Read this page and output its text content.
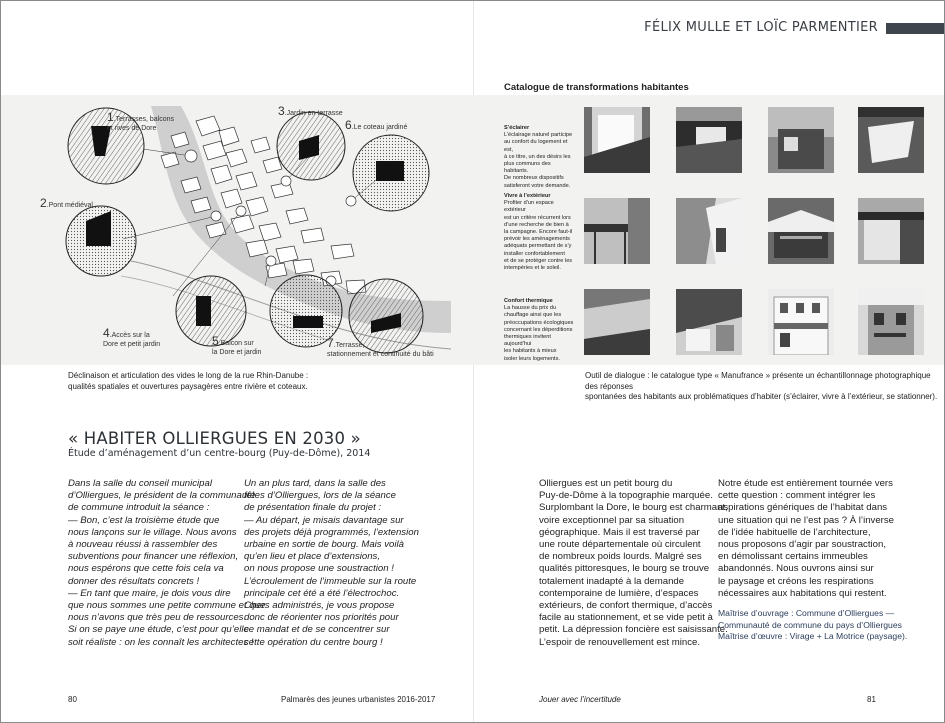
FÉLIX MULLE ET LOÏC PARMENTIER
1.Terrasses, balcons
et rives de Dore
2.Pont médiéval
3.Jardin en terrasse
4.Accès sur la
Dore et petit jardin	5.Balcon sur
la Dore et jardin
6.Le coteau jardiné
7.Terrasse,
stationnement et continuité du bâti
Catalogue de transformations habitantes
S’éclairer
L’éclairage naturel participe
au confort du logement et est,
à ce titre, un des désirs les
plus communs des habitants.
De nombreux dispositifs
satisferont votre demande.
Vivre à l’extérieur
Profiter d’un espace extérieur
est un critère récurrent lors
d’une recherche de bien à
la campagne. Encore faut-il
prévoir les aménagements
adéquats permettant de s’y
installer confortablement
et de se protéger contre les
intempéries et le soleil.
Confort thermique
La hausse du prix du
chauffage ainsi que les
préoccupations écologiques
concernant les déperditions
thermiques invitent aujourd’hui
les habitants à mieux
isoler leurs logements.
Déclinaison et articulation des vides le long de la rue Rhin-Danube :
qualités spatiales et ouvertures paysagères entre rivière et coteaux.
Outil de dialogue : le catalogue type « Manufrance » présente un échantillonnage photographique des réponses
spontanées des habitants aux problématiques d’habiter (s’éclairer, vivre à l’extérieur, se stationner).
« HABITER OLLIERGUES EN 2030 »
Étude d’aménagement d’un centre-bourg (Puy-de-Dôme), 2014
Dans la salle du conseil municipal
d’Olliergues, le président de la communauté
de commune introduit la séance :
— Bon, c’est la troisième étude que
nous lançons sur le village. Nous avons
à nouveau réussi à rassembler des
subventions pour financer une réflexion,
nous espérons que cette fois cela va
donner des résultats concrets !
— En tant que maire, je dois vous dire
que nous sommes une petite commune et que
nous n’avons que très peu de ressources…
Si on se paye une étude, c’est pour qu’elle
soit réaliste : on les connaît les architectes !
Un an plus tard, dans la salle des
fêtes d’Olliergues, lors de la séance
de présentation finale du projet :
— Au départ, je misais davantage sur
des projets déjà programmés, l’extension
urbaine en sortie de bourg. Mais voilà
qu’en lieu et place d’extensions,
on nous propose une soustraction !
L’écroulement de l’immeuble sur la route
principale cet été a été l’électrochoc.
Chers administrés, je vous propose
donc de réorienter nos priorités pour
ce mandat et de se concentrer sur
cette opération du centre bourg !
Olliergues est un petit bourg du
Puy-de-Dôme à la topographie marquée.
Surplombant la Dore, le bourg est charmant,
voire exceptionnel par sa situation
géographique. Mais il est traversé par
une route départementale où circulent
de nombreux poids lourds. Malgré ses
qualités pittoresques, le bourg se trouve
totalement inadapté à la demande
contemporaine de lumière, d’espaces
extérieurs, de confort thermique, d’accès
facile au stationnement, et se vide petit à
petit. La dépression foncière est saisissante.
L’espoir de renouvellement est mince.
Notre étude est entièrement tournée vers
cette question : comment intégrer les
aspirations génériques de l’habitat dans
une situation qui ne l’est pas ? À l’inverse
de l’idée habituelle de l’architecture,
nous proposons d’agir par soustraction,
en démolissant certains immeubles
abandonnés. Nous ouvrons ainsi sur
le paysage et créons les respirations
nécessaires aux habitations qui restent.

Maîtrise d’ouvrage : Commune d’Olliergues —
Communauté de commune du pays d’Olliergues
Maîtrise d’œuvre : Virage + La Motrice (paysage).

80	Palmarès des jeunes urbanistes 2016-2017	Jouer avec l’incertitude	81
